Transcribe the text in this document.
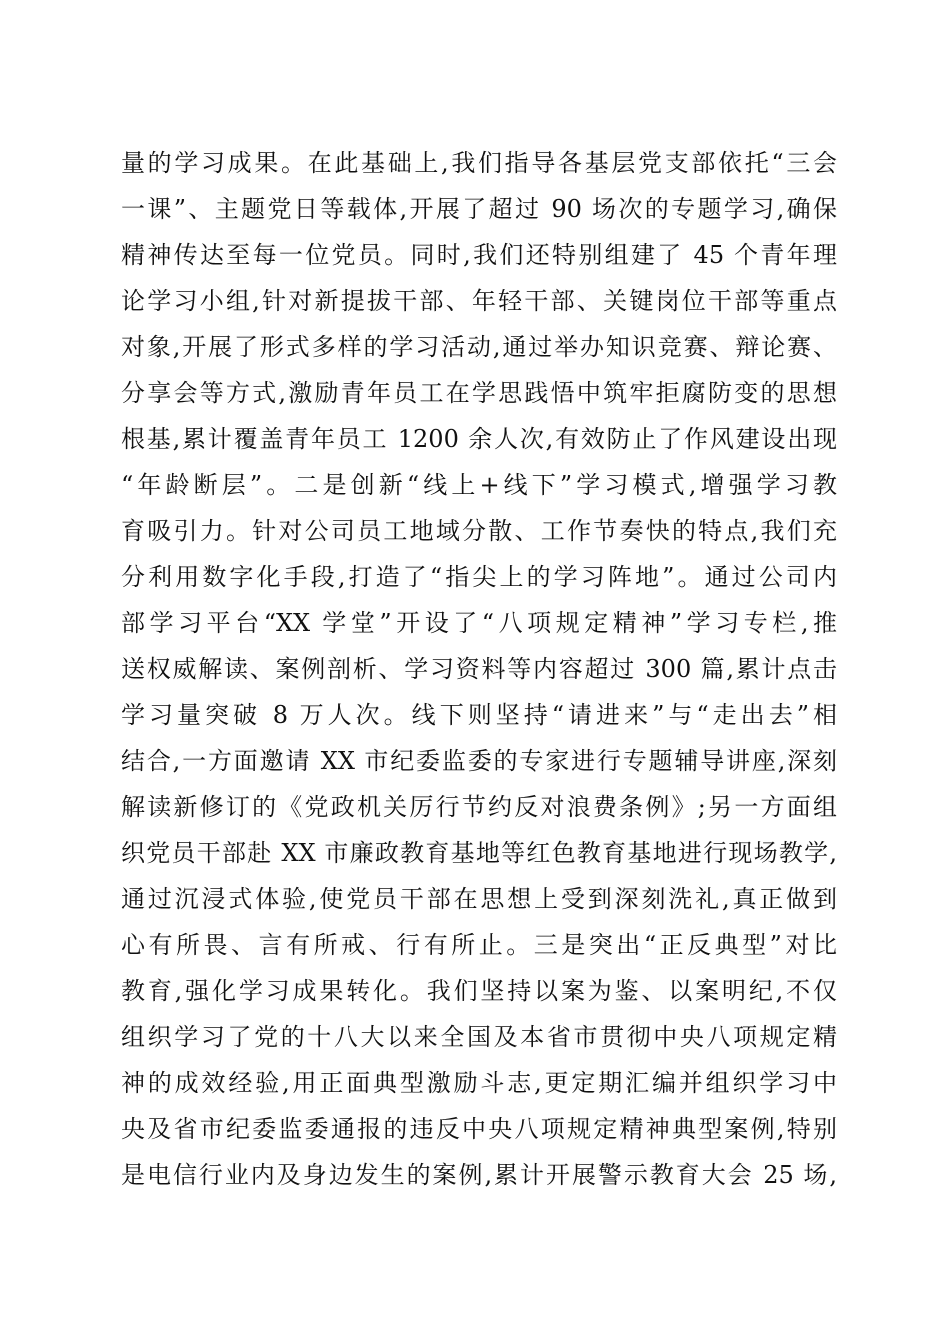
量的学习成果。在此基础上,我们指导各基层党支部依托“三会
一课”、主题党日等载体,开展了超过 90 场次的专题学习,确保
精神传达至每一位党员。同时,我们还特别组建了 45 个青年理
论学习小组,针对新提拔干部、年轻干部、关键岗位干部等重点
对象,开展了形式多样的学习活动,通过举办知识竞赛、辩论赛、
分享会等方式,激励青年员工在学思践悟中筑牢拒腐防变的思想
根基,累计覆盖青年员工 1200 余人次,有效防止了作风建设出现
“年龄断层”。二是创新“线上+线下”学习模式,增强学习教
育吸引力。针对公司员工地域分散、工作节奏快的特点,我们充
分利用数字化手段,打造了“指尖上的学习阵地”。通过公司内
部学习平台“XX 学堂”开设了“八项规定精神”学习专栏,推
送权威解读、案例剖析、学习资料等内容超过 300 篇,累计点击
学习量突破 8 万人次。线下则坚持“请进来”与“走出去”相
结合,一方面邀请 XX 市纪委监委的专家进行专题辅导讲座,深刻
解读新修订的《党政机关厉行节约反对浪费条例》;另一方面组
织党员干部赴 XX 市廉政教育基地等红色教育基地进行现场教学,
通过沉浸式体验,使党员干部在思想上受到深刻洗礼,真正做到
心有所畏、言有所戒、行有所止。三是突出“正反典型”对比
教育,强化学习成果转化。我们坚持以案为鉴、以案明纪,不仅
组织学习了党的十八大以来全国及本省市贯彻中央八项规定精
神的成效经验,用正面典型激励斗志,更定期汇编并组织学习中
央及省市纪委监委通报的违反中央八项规定精神典型案例,特别
是电信行业内及身边发生的案例,累计开展警示教育大会 25 场,
